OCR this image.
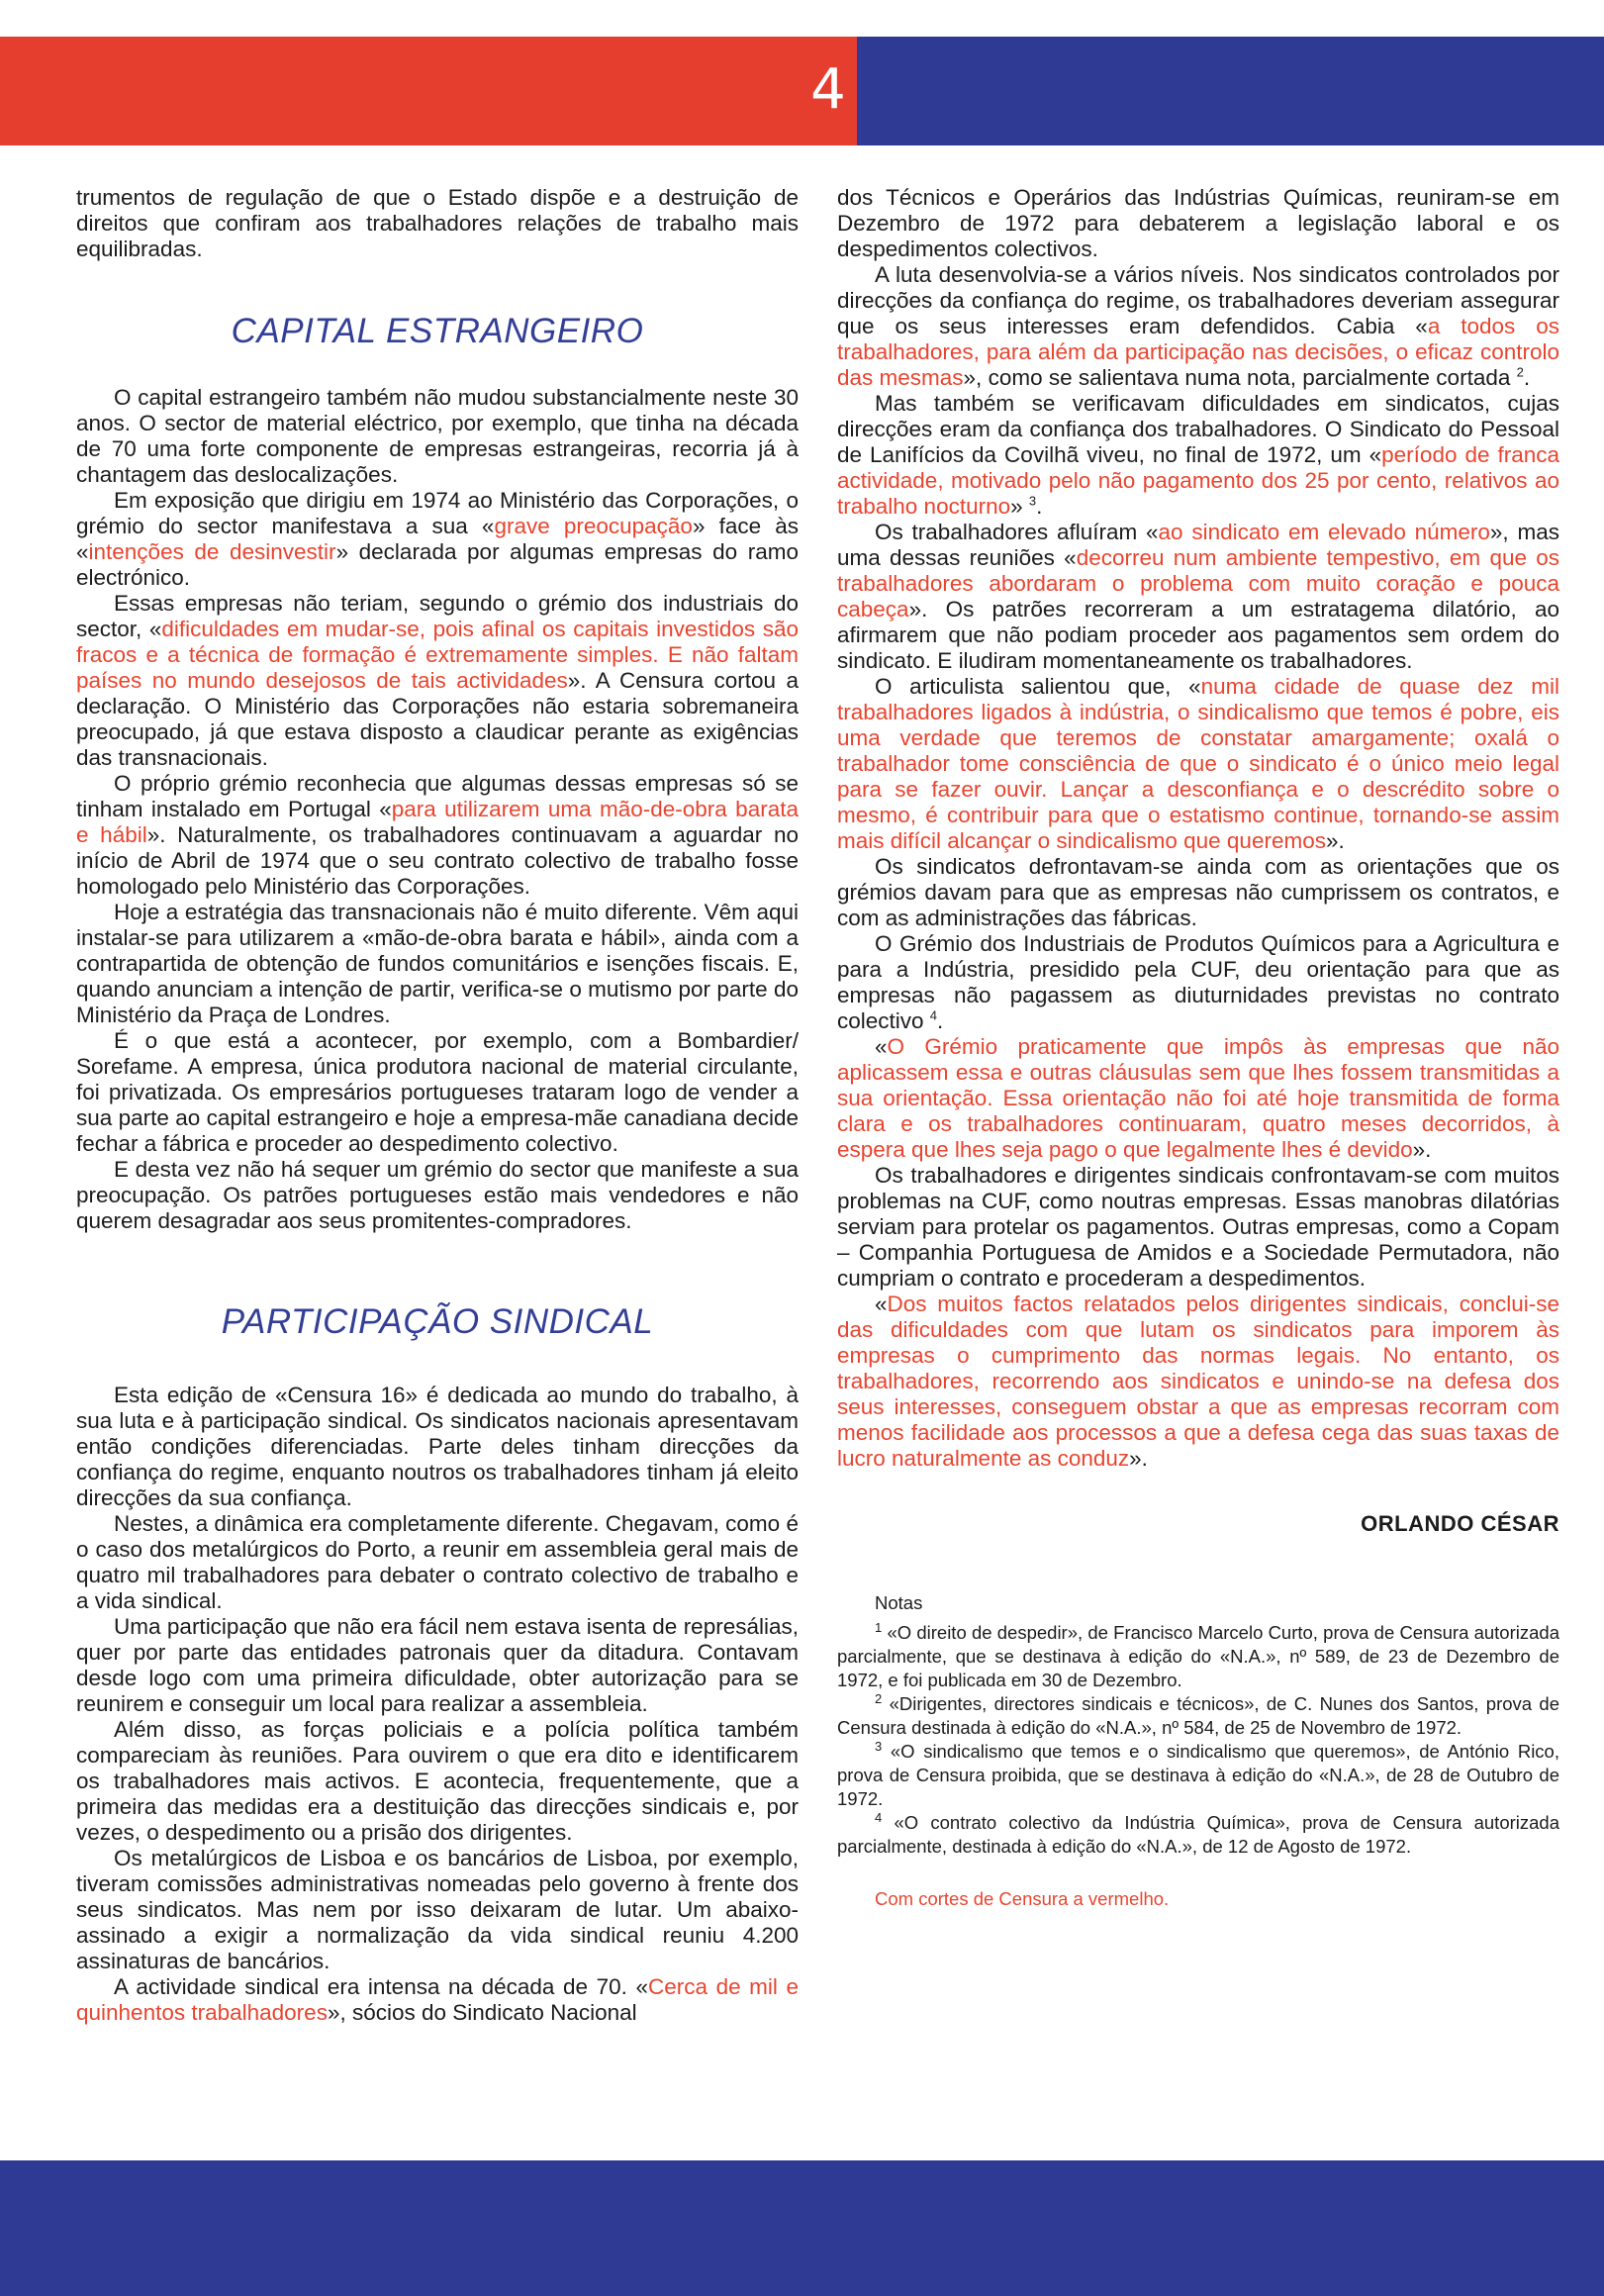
4

trumentos de regulação de que o Estado dispõe e a destruição de direitos que confiram aos trabalhadores relações de trabalho mais equilibradas.

CAPITAL ESTRANGEIRO

O capital estrangeiro também não mudou substancialmente neste 30 anos. O sector de material eléctrico, por exemplo, que tinha na década de 70 uma forte componente de empresas estrangeiras, recorria já à chantagem das deslocalizações.

Em exposição que dirigiu em 1974 ao Ministério das Corporações, o grémio do sector manifestava a sua «grave preocupação» face às «intenções de desinvestir» declarada por algumas empresas do ramo electrónico.

Essas empresas não teriam, segundo o grémio dos industriais do sector, «dificuldades em mudar-se, pois afinal os capitais investidos são fracos e a técnica de formação é extremamente simples. E não faltam países no mundo desejosos de tais actividades». A Censura cortou a declaração. O Ministério das Corporações não estaria sobremaneira preocupado, já que estava disposto a claudicar perante as exigências das transnacionais.

O próprio grémio reconhecia que algumas dessas empresas só se tinham instalado em Portugal «para utilizarem uma mão-de-obra barata e hábil». Naturalmente, os trabalhadores continuavam a aguardar no início de Abril de 1974 que o seu contrato colectivo de trabalho fosse homologado pelo Ministério das Corporações.

Hoje a estratégia das transnacionais não é muito diferente. Vêm aqui instalar-se para utilizarem a «mão-de-obra barata e hábil», ainda com a contrapartida de obtenção de fundos comunitários e isenções fiscais. E, quando anunciam a intenção de partir, verifica-se o mutismo por parte do Ministério da Praça de Londres.

É o que está a acontecer, por exemplo, com a Bombardier/ Sorefame. A empresa, única produtora nacional de material circulante, foi privatizada. Os empresários portugueses trataram logo de vender a sua parte ao capital estrangeiro e hoje a empresa-mãe canadiana decide fechar a fábrica e proceder ao despedimento colectivo.

E desta vez não há sequer um grémio do sector que manifeste a sua preocupação. Os patrões portugueses estão mais vendedores e não querem desagradar aos seus promitentes-compradores.

PARTICIPAÇÃO SINDICAL

Esta edição de «Censura 16» é dedicada ao mundo do trabalho, à sua luta e à participação sindical. Os sindicatos nacionais apresentavam então condições diferenciadas. Parte deles tinham direcções da confiança do regime, enquanto noutros os trabalhadores tinham já eleito direcções da sua confiança.

Nestes, a dinâmica era completamente diferente. Chegavam, como é o caso dos metalúrgicos do Porto, a reunir em assembleia geral mais de quatro mil trabalhadores para debater o contrato colectivo de trabalho e a vida sindical.

Uma participação que não era fácil nem estava isenta de represálias, quer por parte das entidades patronais quer da ditadura. Contavam desde logo com uma primeira dificuldade, obter autorização para se reunirem e conseguir um local para realizar a assembleia.

Além disso, as forças policiais e a polícia política também compareciam às reuniões. Para ouvirem o que era dito e identificarem os trabalhadores mais activos. E acontecia, frequentemente, que a primeira das medidas era a destituição das direcções sindicais e, por vezes, o despedimento ou a prisão dos dirigentes.

Os metalúrgicos de Lisboa e os bancários de Lisboa, por exemplo, tiveram comissões administrativas nomeadas pelo governo à frente dos seus sindicatos. Mas nem por isso deixaram de lutar. Um abaixo-assinado a exigir a normalização da vida sindical reuniu 4.200 assinaturas de bancários.

A actividade sindical era intensa na década de 70. «Cerca de mil e quinhentos trabalhadores», sócios do Sindicato Nacional

dos Técnicos e Operários das Indústrias Químicas, reuniram-se em Dezembro de 1972 para debaterem a legislação laboral e os despedimentos colectivos.

A luta desenvolvia-se a vários níveis. Nos sindicatos controlados por direcções da confiança do regime, os trabalhadores deveriam assegurar que os seus interesses eram defendidos. Cabia «a todos os trabalhadores, para além da participação nas decisões, o eficaz controlo das mesmas», como se salientava numa nota, parcialmente cortada $^2$.

Mas também se verificavam dificuldades em sindicatos, cujas direcções eram da confiança dos trabalhadores. O Sindicato do Pessoal de Lanifícios da Covilhã viveu, no final de 1972, um «período de franca actividade, motivado pelo não pagamento dos 25 por cento, relativos ao trabalho nocturno» $^3$.

Os trabalhadores afluíram «ao sindicato em elevado número», mas uma dessas reuniões «decorreu num ambiente tempestivo, em que os trabalhadores abordaram o problema com muito coração e pouca cabeça». Os patrões recorreram a um estratagema dilatório, ao afirmarem que não podiam proceder aos pagamentos sem ordem do sindicato. E iludiram momentaneamente os trabalhadores.

O articulista salientou que, «numa cidade de quase dez mil trabalhadores ligados à indústria, o sindicalismo que temos é pobre, eis uma verdade que teremos de constatar amargamente; oxalá o trabalhador tome consciência de que o sindicato é o único meio legal para se fazer ouvir. Lançar a desconfiança e o descrédito sobre o mesmo, é contribuir para que o estatismo continue, tornando-se assim mais difícil alcançar o sindicalismo que queremos».

Os sindicatos defrontavam-se ainda com as orientações que os grémios davam para que as empresas não cumprissem os contratos, e com as administrações das fábricas.

O Grémio dos Industriais de Produtos Químicos para a Agricultura e para a Indústria, presidido pela CUF, deu orientação para que as empresas não pagassem as diuturnidades previstas no contrato colectivo $^4$.

«O Grémio praticamente que impôs às empresas que não aplicassem essa e outras cláusulas sem que lhes fossem transmitidas a sua orientação. Essa orientação não foi até hoje transmitida de forma clara e os trabalhadores continuaram, quatro meses decorridos, à espera que lhes seja pago o que legalmente lhes é devido».

Os trabalhadores e dirigentes sindicais confrontavam-se com muitos problemas na CUF, como noutras empresas. Essas manobras dilatórias serviam para protelar os pagamentos. Outras empresas, como a Copam – Companhia Portuguesa de Amidos e a Sociedade Permutadora, não cumpriam o contrato e procederam a despedimentos.

«Dos muitos factos relatados pelos dirigentes sindicais, conclui-se das dificuldades com que lutam os sindicatos para imporem às empresas o cumprimento das normas legais. No entanto, os trabalhadores, recorrendo aos sindicatos e unindo-se na defesa dos seus interesses, conseguem obstar a que as empresas recorram com menos facilidade aos processos a que a defesa cega das suas taxas de lucro naturalmente as conduz».

ORLANDO CÉSAR
Notas

$^1$ «O direito de despedir», de Francisco Marcelo Curto, prova de Censura autorizada parcialmente, que se destinava à edição do «N.A.», nº 589, de 23 de Dezembro de 1972, e foi publicada em 30 de Dezembro.

$^2$ «Dirigentes, directores sindicais e técnicos», de C. Nunes dos Santos, prova de Censura destinada à edição do «N.A.», nº 584, de 25 de Novembro de 1972.

$^3$ «O sindicalismo que temos e o sindicalismo que queremos», de António Rico, prova de Censura proibida, que se destinava à edição do «N.A.», de 28 de Outubro de 1972.

$^4$ «O contrato colectivo da Indústria Química», prova de Censura autorizada parcialmente, destinada à edição do «N.A.», de 12 de Agosto de 1972.

Com cortes de Censura a vermelho.
